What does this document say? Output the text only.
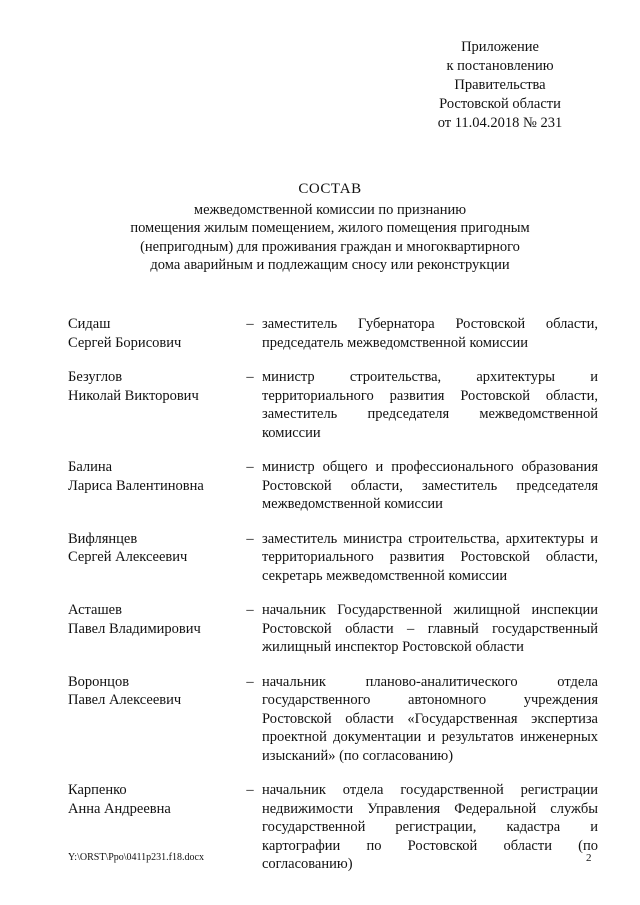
Приложение
к постановлению
Правительства
Ростовской области
от 11.04.2018 № 231
СОСТАВ
межведомственной комиссии по признанию
помещения жилым помещением, жилого помещения пригодным
(непригодным) для проживания граждан и многоквартирного
дома аварийным и подлежащим сносу или реконструкции
Сидаш
Сергей Борисович
– заместитель Губернатора Ростовской области, председатель межведомственной комиссии
Безуглов
Николай Викторович
– министр строительства, архитектуры и территориального развития Ростовской области, заместитель председателя межведомственной комиссии
Балина
Лариса Валентиновна
– министр общего и профессионального образования Ростовской области, заместитель председателя межведомственной комиссии
Вифлянцев
Сергей Алексеевич
– заместитель министра строительства, архитектуры и территориального развития Ростовской области, секретарь межведомственной комиссии
Асташев
Павел Владимирович
– начальник Государственной жилищной инспекции Ростовской области – главный государственный жилищный инспектор Ростовской области
Воронцов
Павел Алексеевич
– начальник планово-аналитического отдела государственного автономного учреждения Ростовской области «Государственная экспертиза проектной документации и результатов инженерных изысканий» (по согласованию)
Карпенко
Анна Андреевна
– начальник отдела государственной регистрации недвижимости Управления Федеральной службы государственной регистрации, кадастра и картографии по Ростовской области (по согласованию)
Y:\ORST\Ppo\0411p231.f18.docx	2
